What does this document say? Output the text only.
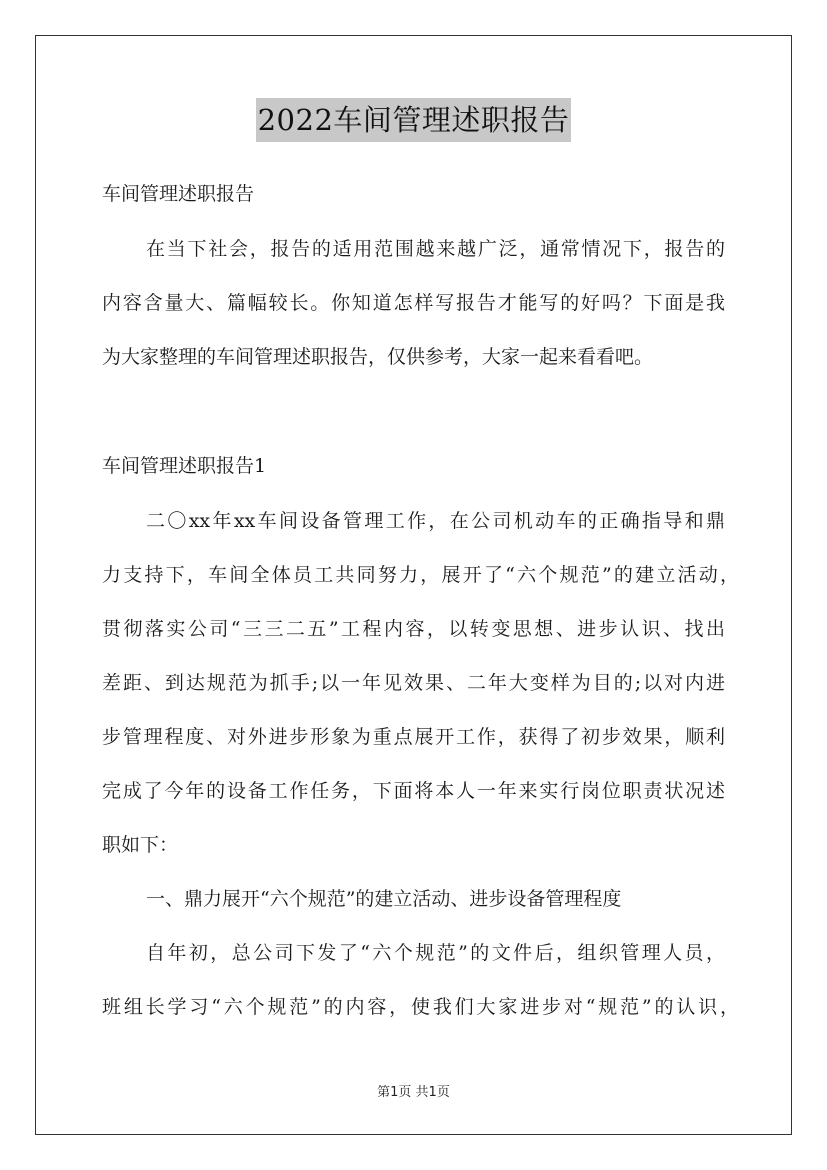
2022车间管理述职报告
车间管理述职报告
在当下社会，报告的适用范围越来越广泛，通常情况下，报告的
内容含量大、篇幅较长。你知道怎样写报告才能写的好吗？下面是我
为大家整理的车间管理述职报告，仅供参考，大家一起来看看吧。
车间管理述职报告1
二〇xx年xx车间设备管理工作，在公司机动车的正确指导和鼎
力支持下，车间全体员工共同努力，展开了“六个规范”的建立活动，
贯彻落实公司“三三二五”工程内容，以转变思想、进步认识、找出
差距、到达规范为抓手;以一年见效果、二年大变样为目的;以对内进
步管理程度、对外进步形象为重点展开工作，获得了初步效果，顺利
完成了今年的设备工作任务，下面将本人一年来实行岗位职责状况述
职如下：
一、鼎力展开“六个规范”的建立活动、进步设备管理程度
自年初，总公司下发了“六个规范”的文件后，组织管理人员，
班组长学习“六个规范”的内容，使我们大家进步对“规范”的认识，
第1页 共1页
